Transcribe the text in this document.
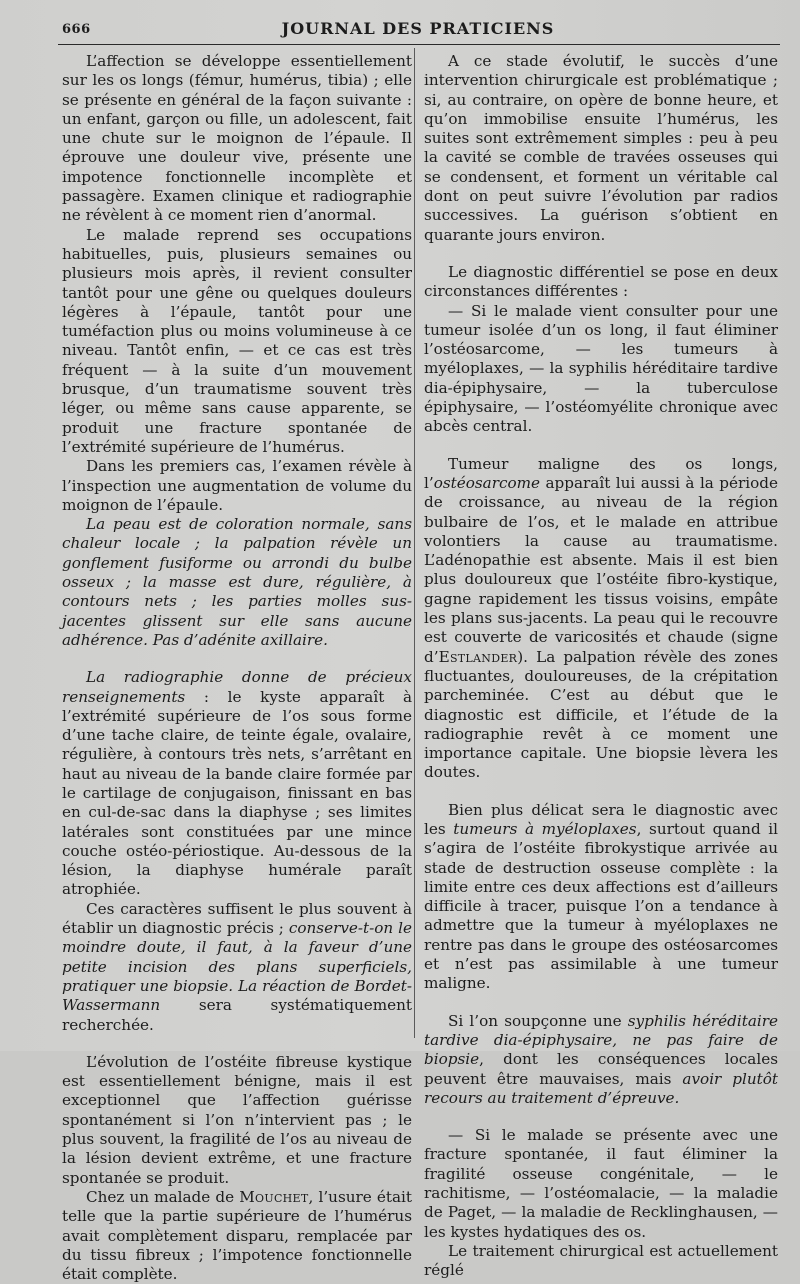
666	JOURNAL DES PRATICIENS

L’affection se développe essentiellement sur les os longs (fémur, humérus, tibia) ; elle se présente en général de la façon suivante : un enfant, garçon ou fille, un adolescent, fait une chute sur le moignon de l’épaule. Il éprouve une douleur vive, présente une impotence fonctionnelle incomplète et passagère. Examen clinique et radiographie ne révèlent à ce moment rien d’anormal.

Le malade reprend ses occupations habituelles, puis, plusieurs semaines ou plusieurs mois après, il revient consulter tantôt pour une gêne ou quelques douleurs légères à l’épaule, tantôt pour une tuméfaction plus ou moins volumineuse à ce niveau. Tantôt enfin, — et ce cas est très fréquent — à la suite d’un mouvement brusque, d’un traumatisme souvent très léger, ou même sans cause apparente, se produit une fracture spontanée de l’extrémité supérieure de l’humérus.

Dans les premiers cas, l’examen révèle à l’inspection une augmentation de volume du moignon de l’épaule.

La peau est de coloration normale, sans chaleur locale ; la palpation révèle un gonflement fusiforme ou arrondi du bulbe osseux ; la masse est dure, régulière, à contours nets ; les parties molles sus-jacentes glissent sur elle sans aucune adhérence. Pas d’adénite axillaire.

La radiographie donne de précieux renseignements : le kyste apparaît à l’extrémité supérieure de l’os sous forme d’une tache claire, de teinte égale, ovalaire, régulière, à contours très nets, s’arrêtant en haut au niveau de la bande claire formée par le cartilage de conjugaison, finissant en bas en cul-de-sac dans la diaphyse ; ses limites latérales sont constituées par une mince couche ostéo-périostique. Au-dessous de la lésion, la diaphyse humérale paraît atrophiée.

Ces caractères suffisent le plus souvent à établir un diagnostic précis ; conserve-t-on le moindre doute, il faut, à la faveur d’une petite incision des plans superficiels, pratiquer une biopsie. La réaction de Bordet-Wassermann sera systématiquement recherchée.

L’évolution de l’ostéite fibreuse kystique est essentiellement bénigne, mais il est exceptionnel que l’affection guérisse spontanément si l’on n’intervient pas ; le plus souvent, la fragilité de l’os au niveau de la lésion devient extrême, et une fracture spontanée se produit.

Chez un malade de Mouchet, l’usure était telle que la partie supérieure de l’humérus avait complètement disparu, remplacée par du tissu fibreux ; l’impotence fonctionnelle était complète.

A ce stade évolutif, le succès d’une intervention chirurgicale est problématique ; si, au contraire, on opère de bonne heure, et qu’on immobilise ensuite l’humérus, les suites sont extrêmement simples : peu à peu la cavité se comble de travées osseuses qui se condensent, et forment un véritable cal dont on peut suivre l’évolution par radios successives. La guérison s’obtient en quarante jours environ.

Le diagnostic différentiel se pose en deux circonstances différentes :

— Si le malade vient consulter pour une tumeur isolée d’un os long, il faut éliminer l’ostéosarcome, — les tumeurs à myéloplaxes, — la syphilis héréditaire tardive dia-épiphysaire, — la tuberculose épiphysaire, — l’ostéomyélite chronique avec abcès central.

Tumeur maligne des os longs, l’ostéosarcome apparaît lui aussi à la période de croissance, au niveau de la région bulbaire de l’os, et le malade en attribue volontiers la cause au traumatisme. L’adénopathie est absente. Mais il est bien plus douloureux que l’ostéite fibro-kystique, gagne rapidement les tissus voisins, empâte les plans sus-jacents. La peau qui le recouvre est couverte de varicosités et chaude (signe d’Estlander). La palpation révèle des zones fluctuantes, douloureuses, de la crépitation parcheminée. C’est au début que le diagnostic est difficile, et l’étude de la radiographie revêt à ce moment une importance capitale. Une biopsie lèvera les doutes.

Bien plus délicat sera le diagnostic avec les tumeurs à myéloplaxes, surtout quand il s’agira de l’ostéite fibrokystique arrivée au stade de destruction osseuse complète : la limite entre ces deux affections est d’ailleurs difficile à tracer, puisque l’on a tendance à admettre que la tumeur à myéloplaxes ne rentre pas dans le groupe des ostéosarcomes et n’est pas assimilable à une tumeur maligne.

Si l’on soupçonne une syphilis héréditaire tardive dia-épiphysaire, ne pas faire de biopsie, dont les conséquences locales peuvent être mauvaises, mais avoir plutôt recours au traitement d’épreuve.

— Si le malade se présente avec une fracture spontanée, il faut éliminer la fragilité osseuse congénitale, — le rachitisme, — l’ostéomalacie, — la maladie de Paget, — la maladie de Recklinghausen, — les kystes hydatiques des os.

Le traitement chirurgical est actuellement réglé
